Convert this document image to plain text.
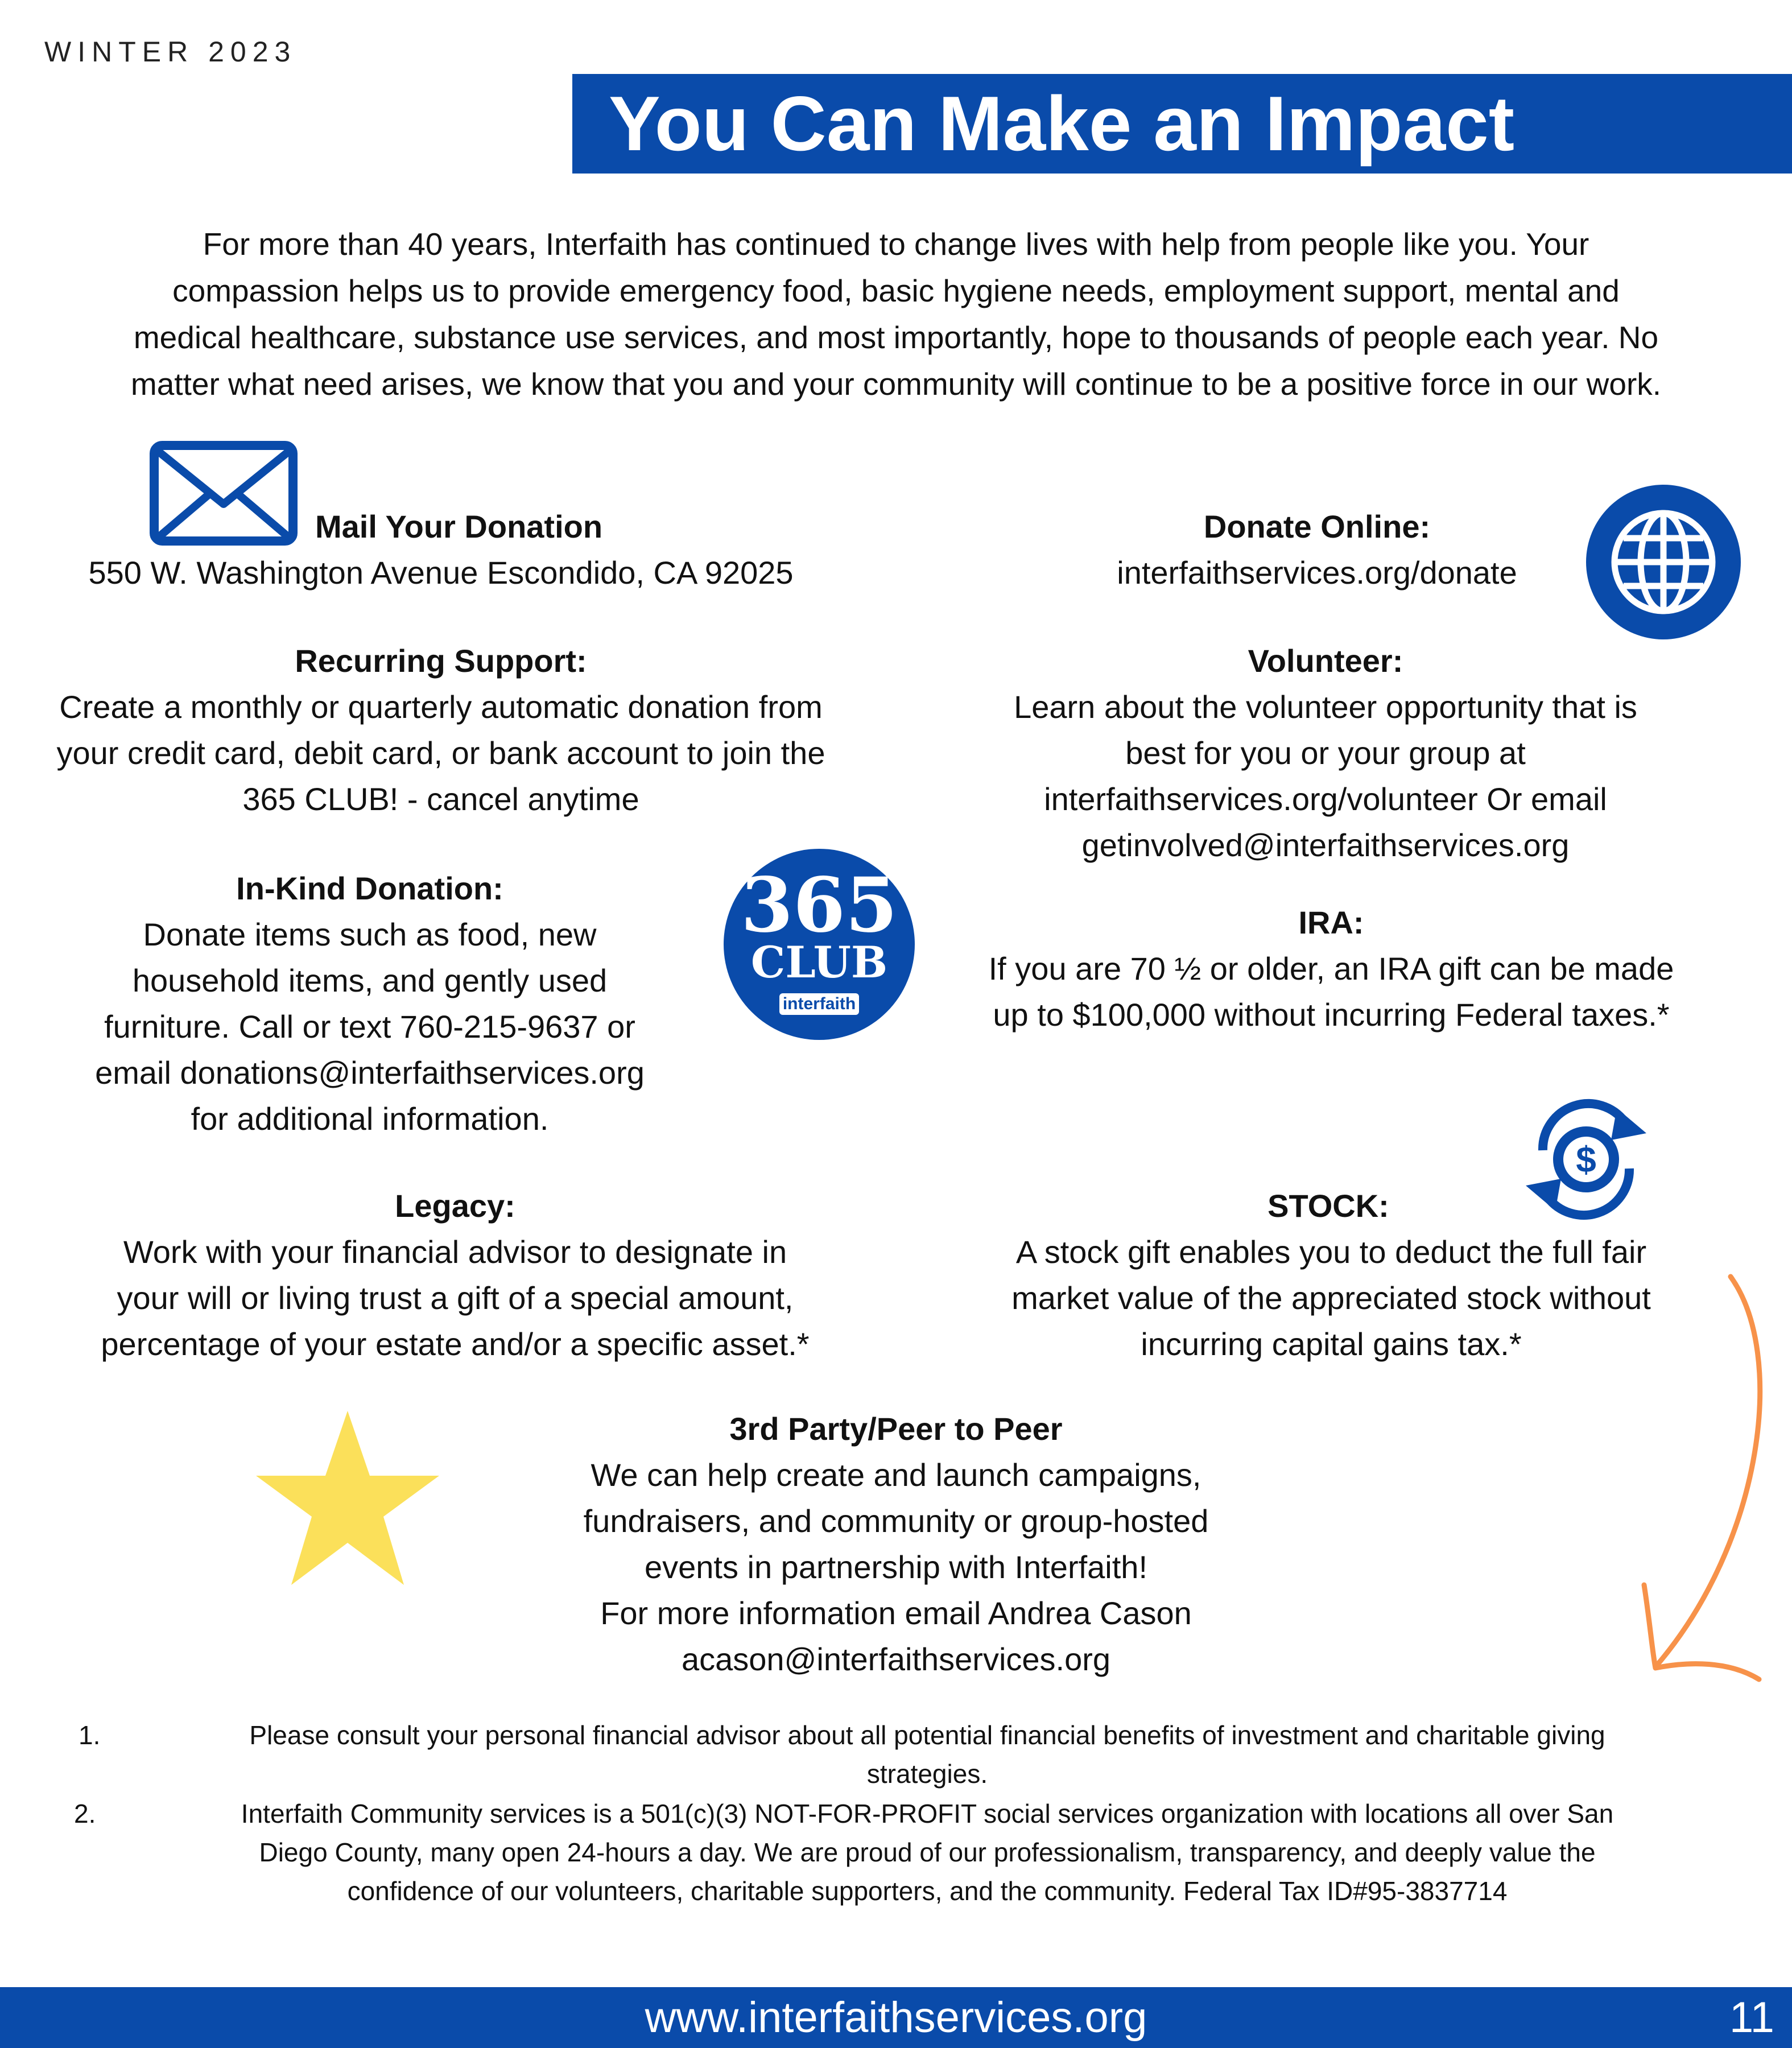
WINTER 2023
You Can Make an Impact
For more than 40 years, Interfaith has continued to change lives with help from people like you. Your
compassion helps us to provide emergency food, basic hygiene needs, employment support, mental and
medical healthcare, substance use services, and most importantly, hope to thousands of people each year. No
matter what need arises, we know that you and your community will continue to be a positive force in our work.
Mail Your Donation
550 W. Washington Avenue Escondido, CA 92025
Donate Online:
interfaithservices.org/donate
Recurring Support:
Create a monthly or quarterly automatic donation from
your credit card, debit card, or bank account to join the
365 CLUB! - cancel anytime
Volunteer:
Learn about the volunteer opportunity that is
best for you or your group at
interfaithservices.org/volunteer Or email
getinvolved@interfaithservices.org
In-Kind Donation:
Donate items such as food, new
household items, and gently used
furniture. Call or text 760-215-9637 or
email donations@interfaithservices.org
for additional information.
365
CLUB
interfaith
IRA:
If you are 70 ½ or older, an IRA gift can be made
up to $100,000 without incurring Federal taxes.*
$
Legacy:
Work with your financial advisor to designate in
your will or living trust a gift of a special amount,
percentage of your estate and/or a specific asset.*
STOCK:
A stock gift enables you to deduct the full fair
market value of the appreciated stock without
incurring capital gains tax.*
3rd Party/Peer to Peer
We can help create and launch campaigns,
fundraisers, and community or group-hosted
events in partnership with Interfaith!
For more information email Andrea Cason
acason@interfaithservices.org
1.	Please consult your personal financial advisor about all potential financial benefits of investment and charitable giving
strategies.
2.	Interfaith Community services is a 501(c)(3) NOT-FOR-PROFIT social services organization with locations all over San
Diego County, many open 24-hours a day. We are proud of our professionalism, transparency, and deeply value the
confidence of our volunteers, charitable supporters, and the community. Federal Tax ID#95-3837714
www.interfaithservices.org	11
